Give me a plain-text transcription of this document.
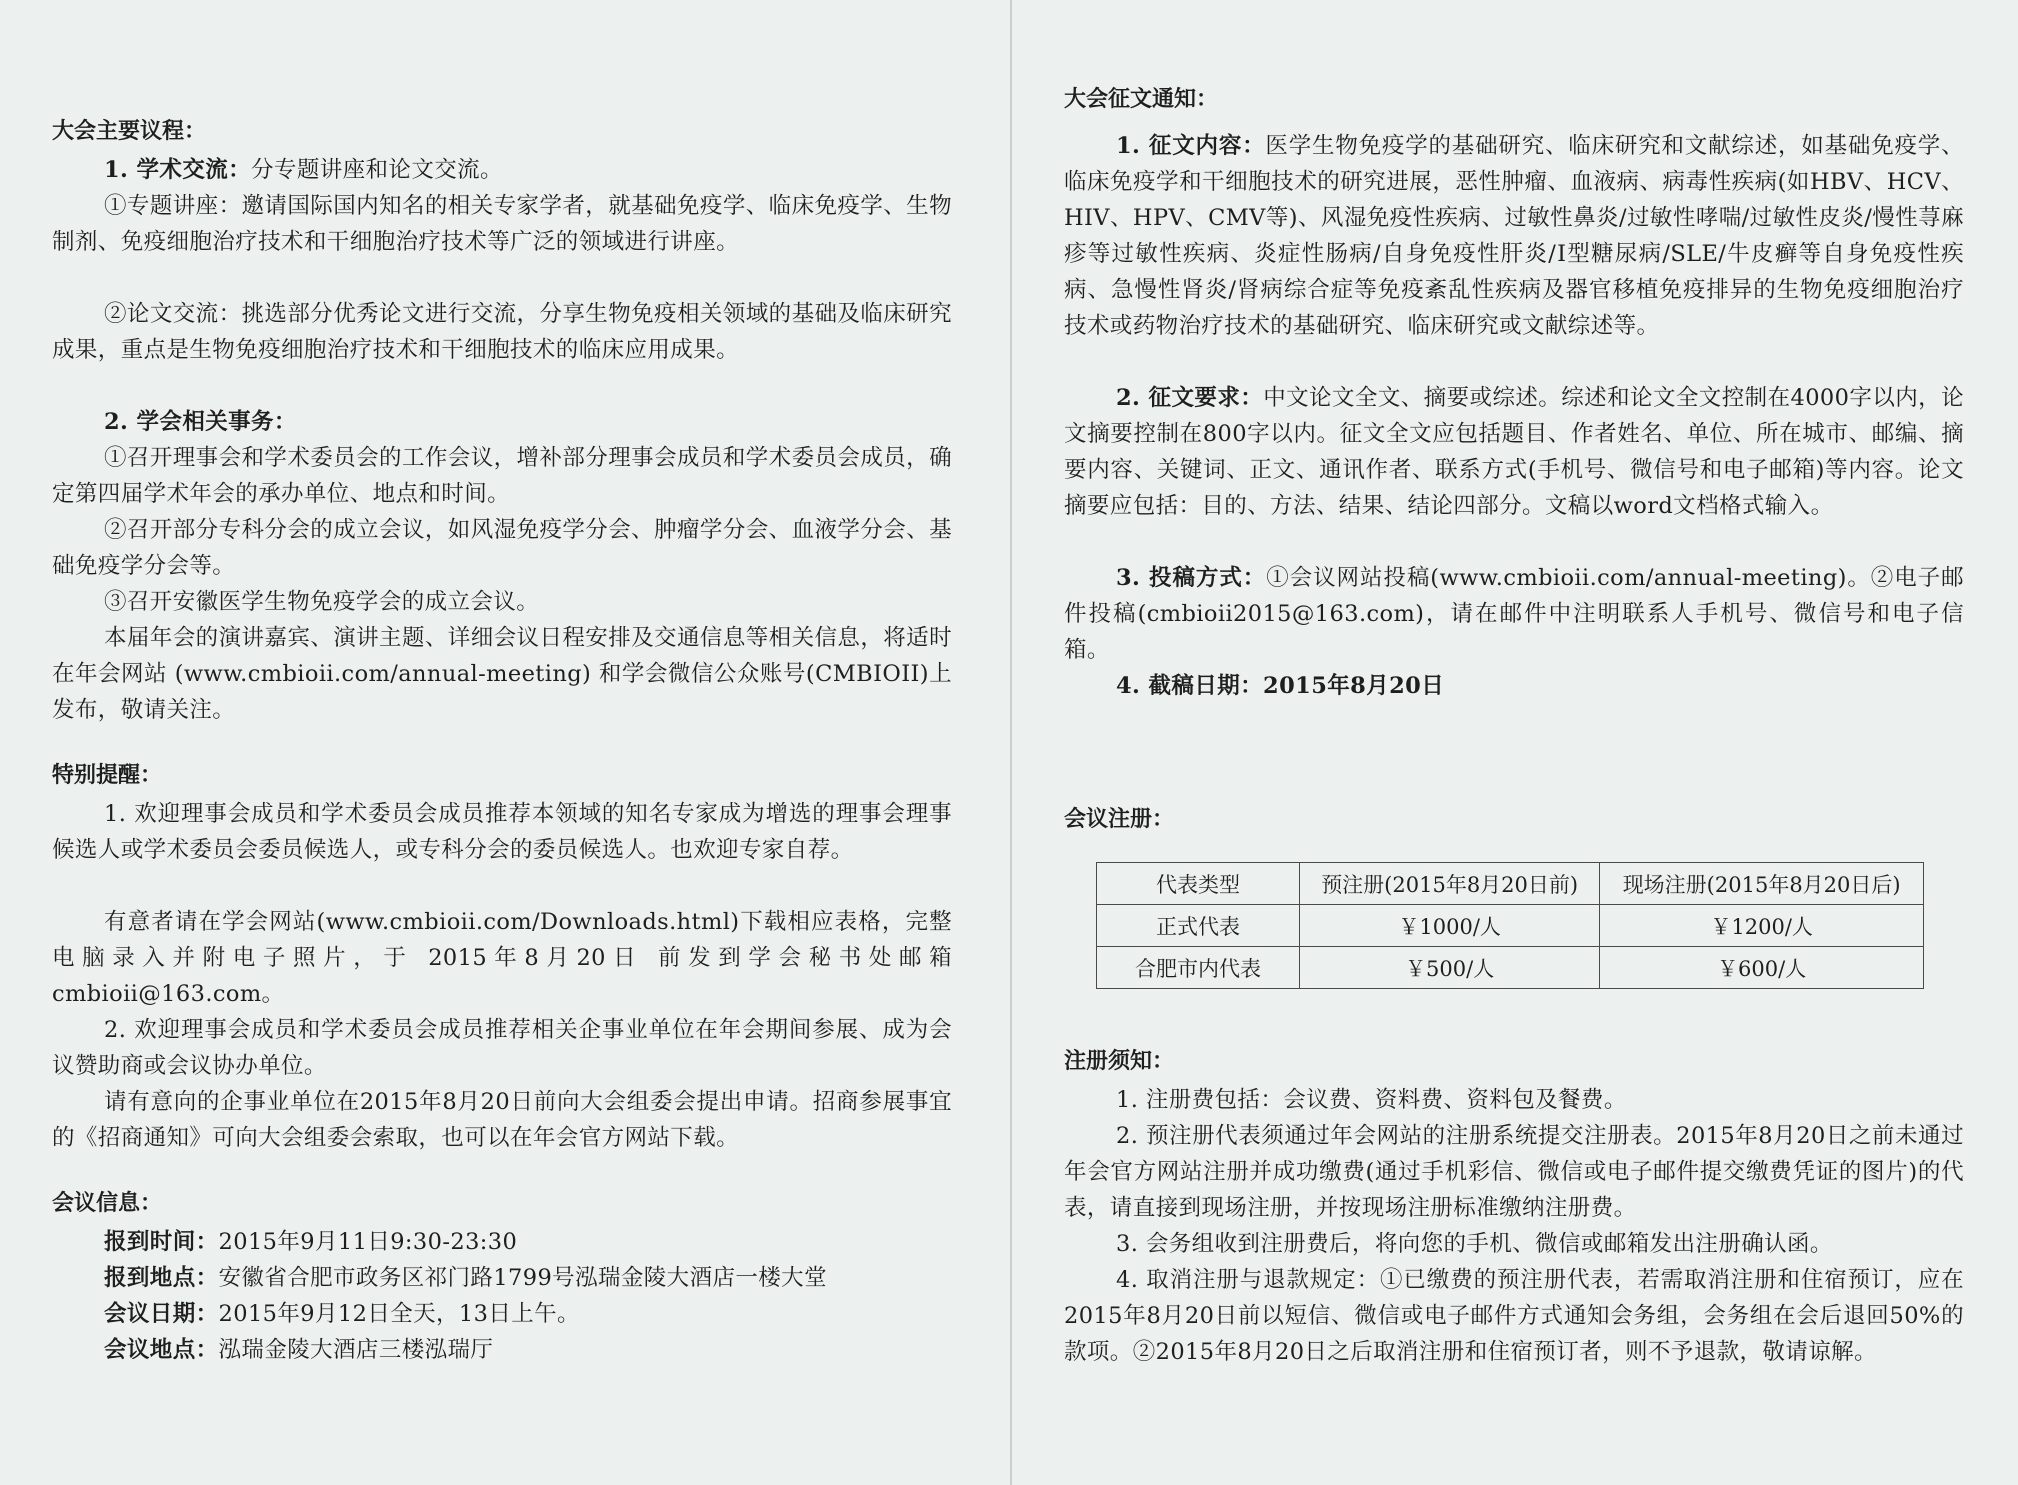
大会主要议程：

1. 学术交流：分专题讲座和论文交流。

①专题讲座：邀请国际国内知名的相关专家学者，就基础免疫学、临床免疫学、生物制剂、免疫细胞治疗技术和干细胞治疗技术等广泛的领域进行讲座。

②论文交流：挑选部分优秀论文进行交流，分享生物免疫相关领域的基础及临床研究成果，重点是生物免疫细胞治疗技术和干细胞技术的临床应用成果。

2. 学会相关事务：

①召开理事会和学术委员会的工作会议，增补部分理事会成员和学术委员会成员，确定第四届学术年会的承办单位、地点和时间。

②召开部分专科分会的成立会议，如风湿免疫学分会、肿瘤学分会、血液学分会、基础免疫学分会等。

③召开安徽医学生物免疫学会的成立会议。

本届年会的演讲嘉宾、演讲主题、详细会议日程安排及交通信息等相关信息，将适时在年会网站 (www.cmbioii.com/annual-meeting) 和学会微信公众账号(CMBIOII)上发布，敬请关注。

特别提醒：

1. 欢迎理事会成员和学术委员会成员推荐本领域的知名专家成为增选的理事会理事候选人或学术委员会委员候选人，或专科分会的委员候选人。也欢迎专家自荐。

有意者请在学会网站(www.cmbioii.com/Downloads.html)下载相应表格，完整电脑录入并附电子照片，于 2015年8月20日 前发到学会秘书处邮箱 cmbioii@163.com。

2. 欢迎理事会成员和学术委员会成员推荐相关企事业单位在年会期间参展、成为会议赞助商或会议协办单位。

请有意向的企事业单位在2015年8月20日前向大会组委会提出申请。招商参展事宜的《招商通知》可向大会组委会索取，也可以在年会官方网站下载。

会议信息：

报到时间：2015年9月11日9:30-23:30

报到地点：安徽省合肥市政务区祁门路1799号泓瑞金陵大酒店一楼大堂

会议日期：2015年9月12日全天，13日上午。

会议地点：泓瑞金陵大酒店三楼泓瑞厅

大会征文通知：

1. 征文内容：医学生物免疫学的基础研究、临床研究和文献综述，如基础免疫学、临床免疫学和干细胞技术的研究进展，恶性肿瘤、血液病、病毒性疾病(如HBV、HCV、HIV、HPV、CMV等)、风湿免疫性疾病、过敏性鼻炎/过敏性哮喘/过敏性皮炎/慢性荨麻疹等过敏性疾病、炎症性肠病/自身免疫性肝炎/Ⅰ型糖尿病/SLE/牛皮癣等自身免疫性疾病、急慢性肾炎/肾病综合症等免疫紊乱性疾病及器官移植免疫排异的生物免疫细胞治疗技术或药物治疗技术的基础研究、临床研究或文献综述等。

2. 征文要求：中文论文全文、摘要或综述。综述和论文全文控制在4000字以内，论文摘要控制在800字以内。征文全文应包括题目、作者姓名、单位、所在城市、邮编、摘要内容、关键词、正文、通讯作者、联系方式(手机号、微信号和电子邮箱)等内容。论文摘要应包括：目的、方法、结果、结论四部分。文稿以word文档格式输入。

3. 投稿方式：①会议网站投稿(www.cmbioii.com/annual-meeting)。②电子邮件投稿(cmbioii2015@163.com)，请在邮件中注明联系人手机号、微信号和电子信箱。

4. 截稿日期：2015年8月20日

会议注册：
代表类型	预注册(2015年8月20日前)	现场注册(2015年8月20日后)
正式代表	￥1000/人	￥1200/人
合肥市内代表	￥500/人	￥600/人
注册须知：

1. 注册费包括：会议费、资料费、资料包及餐费。

2. 预注册代表须通过年会网站的注册系统提交注册表。2015年8月20日之前未通过年会官方网站注册并成功缴费(通过手机彩信、微信或电子邮件提交缴费凭证的图片)的代表，请直接到现场注册，并按现场注册标准缴纳注册费。

3. 会务组收到注册费后，将向您的手机、微信或邮箱发出注册确认函。

4. 取消注册与退款规定：①已缴费的预注册代表，若需取消注册和住宿预订，应在2015年8月20日前以短信、微信或电子邮件方式通知会务组，会务组在会后退回50%的款项。②2015年8月20日之后取消注册和住宿预订者，则不予退款，敬请谅解。
